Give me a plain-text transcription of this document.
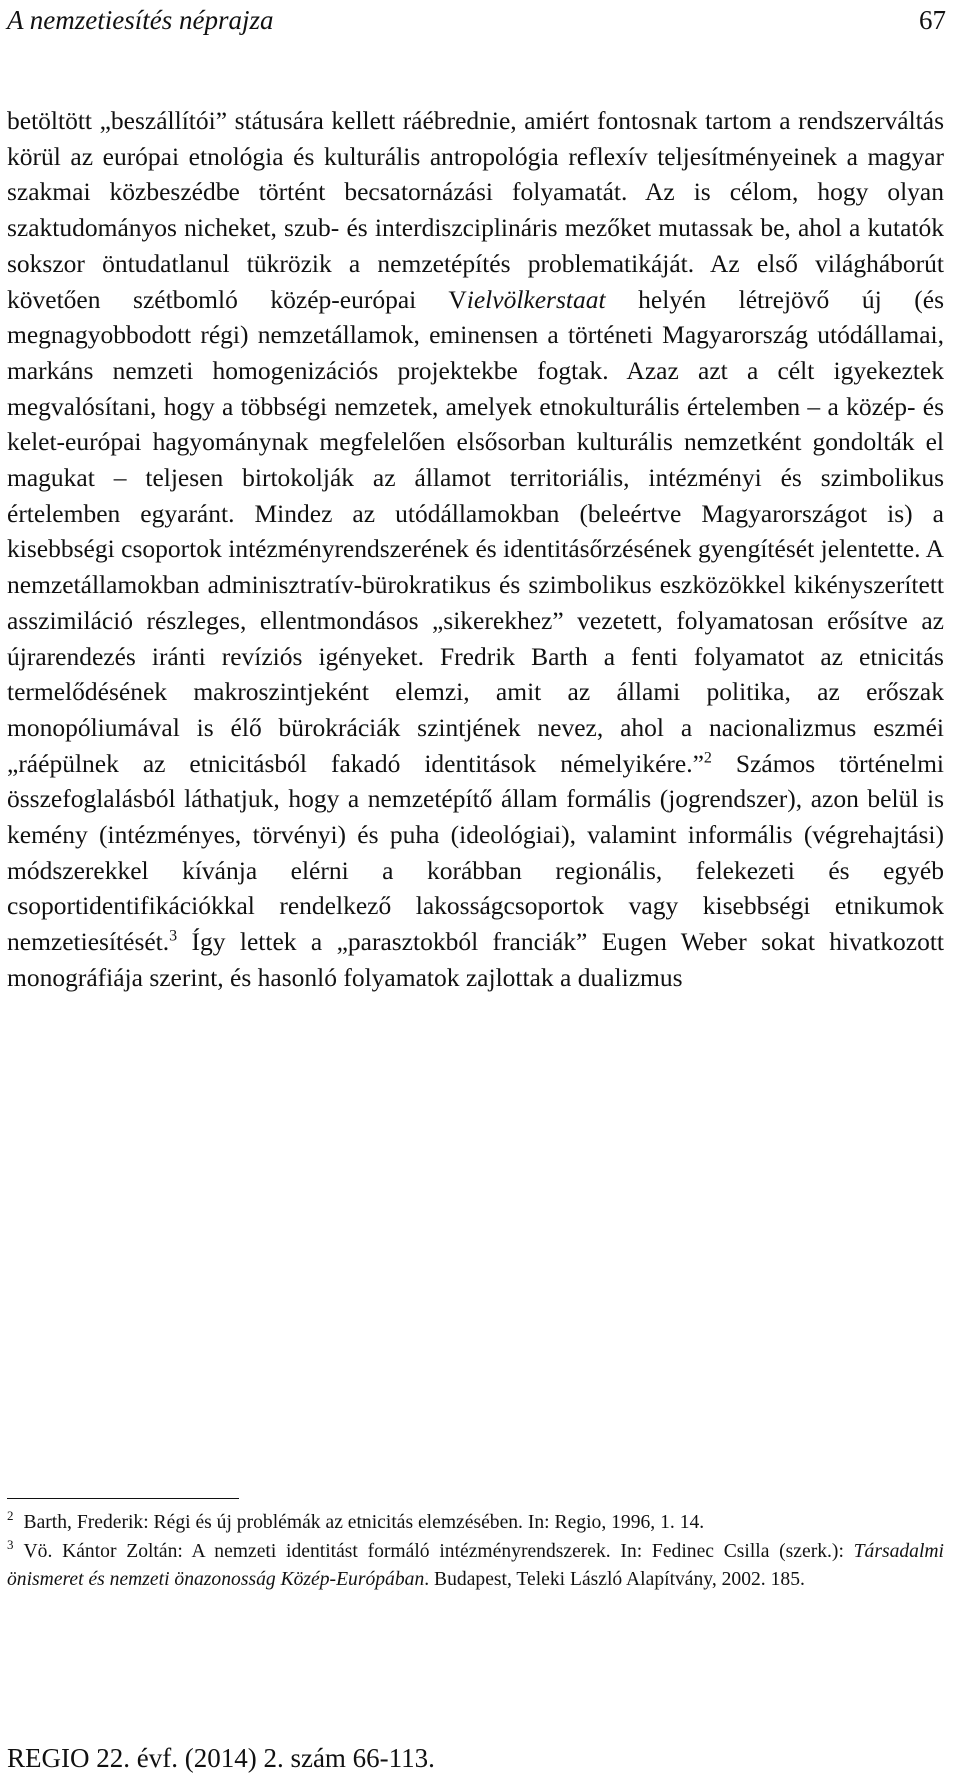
A nemzetiesítés néprajza	67

betöltött „beszállítói” státusára kellett ráébrednie, amiért fontosnak tartom a rendszerváltás körül az európai etnológia és kulturális antropológia reflexív teljesítményeinek a magyar szakmai közbeszédbe történt becsatornázási folyamatát. Az is célom, hogy olyan szaktudományos nicheket, szub- és interdiszciplináris mezőket mutassak be, ahol a kutatók sokszor öntudatlanul tükrözik a nemzetépítés problematikáját. Az első világháborút követően szétbomló közép-európai Vielvölkerstaat helyén létrejövő új (és megnagyobbodott régi) nemzetállamok, eminensen a történeti Magyarország utódállamai, markáns nemzeti homogenizációs projektekbe fogtak. Azaz azt a célt igyekeztek megvalósítani, hogy a többségi nemzetek, amelyek etnokulturális értelemben – a közép- és kelet-európai hagyománynak megfelelően elsősorban kulturális nemzetként gondolták el magukat – teljesen birtokolják az államot territoriális, intézményi és szimbolikus értelemben egyaránt. Mindez az utódállamokban (beleértve Magyarországot is) a kisebbségi csoportok intézményrendszerének és identitásőrzésének gyengítését jelentette. A nemzetállamokban adminisztratív-bürokratikus és szimbolikus eszközökkel kikényszerített asszimiláció részleges, ellentmondásos „sikerekhez” vezetett, folyamatosan erősítve az újrarendezés iránti revíziós igényeket. Fredrik Barth a fenti folyamatot az etnicitás termelődésének makroszintjeként elemzi, amit az állami politika, az erőszak monopóliumával is élő bürokráciák szintjének nevez, ahol a nacionalizmus eszméi „ráépülnek az etnicitásból fakadó identitások némelyikére.”$^2$ Számos történelmi összefoglalásból láthatjuk, hogy a nemzetépítő állam formális (jogrendszer), azon belül is kemény (intézményes, törvényi) és puha (ideológiai), valamint informális (végrehajtási) módszerekkel kívánja elérni a korábban regionális, felekezeti és egyéb csoportidentifikációkkal rendelkező lakosságcsoportok vagy kisebbségi etnikumok nemzetiesítését.$^3$ Így lettek a „parasztokból franciák” Eugen Weber sokat hivatkozott monográfiája szerint, és hasonló folyamatok zajlottak a dualizmus

$^2$ Barth, Frederik: Régi és új problémák az etnicitás elemzésében. In: Regio, 1996, 1. 14.

$^3$ Vö. Kántor Zoltán: A nemzeti identitást formáló intézményrendszerek. In: Fedinec Csilla (szerk.): Társadalmi önismeret és nemzeti önazonosság Közép-Európában. Budapest, Teleki László Alapítvány, 2002. 185.

REGIO 22. évf. (2014) 2. szám 66-113.
